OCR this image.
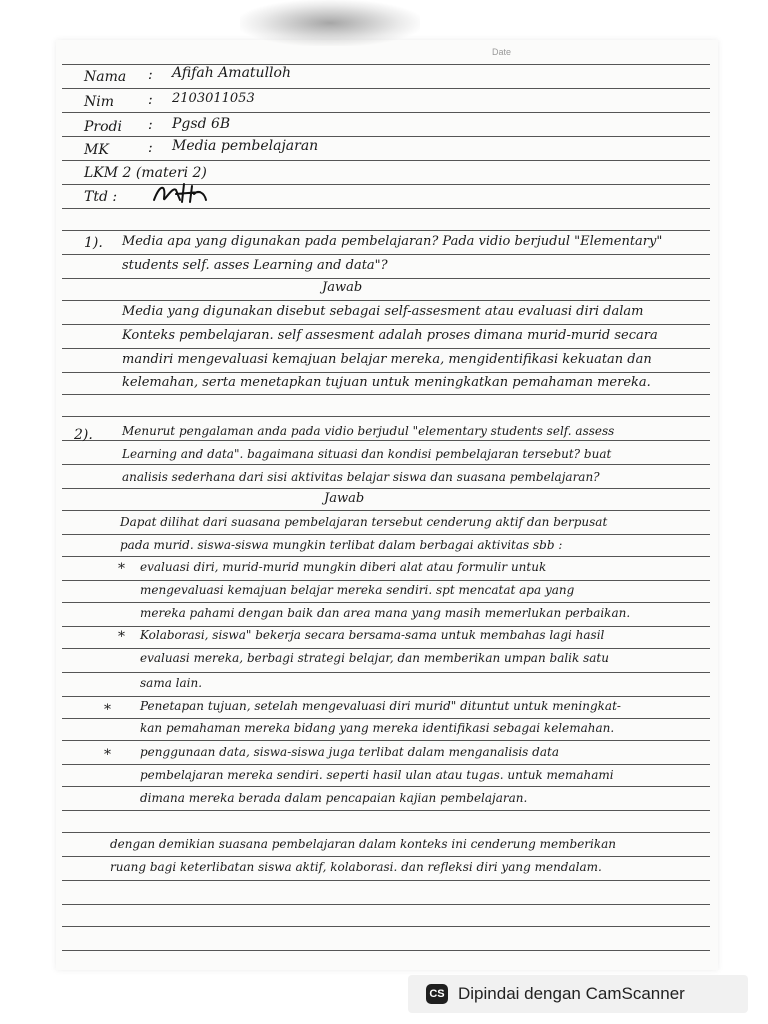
Date
Nama : Afifah Amatulloh
Nim : 2103011053
Prodi : Pgsd 6B
MK	: Media pembelajaran
LKM 2 (materi 2)
Ttd :
1). Media apa yang digunakan pada pembelajaran? Pada vidio berjudul "Elementary"
students self. asses Learning and data"?
Jawab
Media yang digunakan disebut sebagai self-assesment atau evaluasi diri dalam
Konteks pembelajaran. self assesment adalah proses dimana murid-murid secara
mandiri mengevaluasi kemajuan belajar mereka, mengidentifikasi kekuatan dan
kelemahan, serta menetapkan tujuan untuk meningkatkan pemahaman mereka.
2). Menurut pengalaman anda pada vidio berjudul "elementary students self. assess
Learning and data". bagaimana situasi dan kondisi pembelajaran tersebut? buat
analisis sederhana dari sisi aktivitas belajar siswa dan suasana pembelajaran?
Jawab
Dapat dilihat dari suasana pembelajaran tersebut cenderung aktif dan berpusat
pada murid. siswa-siswa mungkin terlibat dalam berbagai aktivitas sbb :
* evaluasi diri, murid-murid mungkin diberi alat atau formulir untuk
mengevaluasi kemajuan belajar mereka sendiri. spt mencatat apa yang
mereka pahami dengan baik dan area mana yang masih memerlukan perbaikan.
* Kolaborasi, siswa" bekerja secara bersama-sama untuk membahas lagi hasil
evaluasi mereka, berbagi strategi belajar, dan memberikan umpan balik satu
sama lain.
* Penetapan tujuan, setelah mengevaluasi diri murid" dituntut untuk meningkat-
kan pemahaman mereka bidang yang mereka identifikasi sebagai kelemahan.
* penggunaan data, siswa-siswa juga terlibat dalam menganalisis data
pembelajaran mereka sendiri. seperti hasil ulan atau tugas. untuk memahami
dimana mereka berada dalam pencapaian kajian pembelajaran.
dengan demikian suasana pembelajaran dalam konteks ini cenderung memberikan
ruang bagi keterlibatan siswa aktif, kolaborasi. dan refleksi diri yang mendalam.
CS Dipindai dengan CamScanner
